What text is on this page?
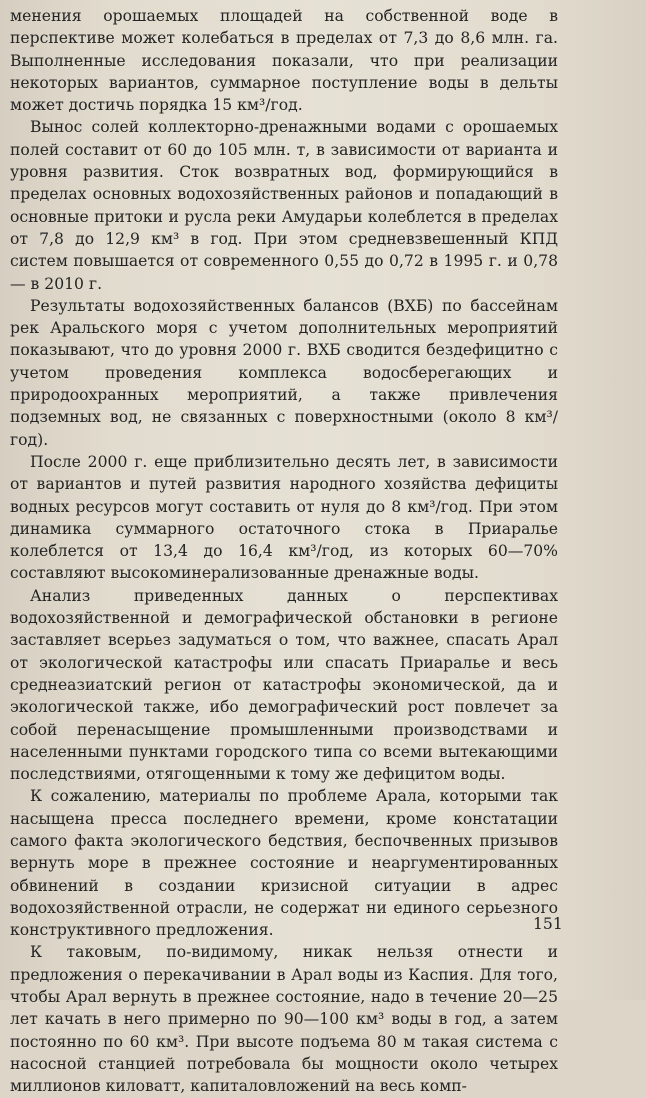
менения орошаемых площадей на собственной воде в перспективе может колебаться в пределах от 7,3 до 8,6 млн. га. Выполненные исследования показали, что при реализации некоторых вариантов, суммарное поступление воды в дельты может достичь порядка 15 км³/год.

Вынос солей коллекторно-дренажными водами с орошаемых полей составит от 60 до 105 млн. т, в зависимости от варианта и уровня развития. Сток возвратных вод, формирующийся в пределах основных водохозяйственных районов и попадающий в основные притоки и русла реки Амударьи колеблется в пределах от 7,8 до 12,9 км³ в год. При этом средневзвешенный КПД систем повышается от современного 0,55 до 0,72 в 1995 г. и 0,78 — в 2010 г.

Результаты водохозяйственных балансов (ВХБ) по бассейнам рек Аральского моря с учетом дополнительных мероприятий показывают, что до уровня 2000 г. ВХБ сводится бездефицитно с учетом проведения комплекса водосберегающих и природоохранных мероприятий, а также привлечения подземных вод, не связанных с поверхностными (около 8 км³/год).

После 2000 г. еще приблизительно десять лет, в зависимости от вариантов и путей развития народного хозяйства дефициты водных ресурсов могут составить от нуля до 8 км³/год. При этом динамика суммарного остаточного стока в Приаралье колеблется от 13,4 до 16,4 км³/год, из которых 60—70% составляют высокоминерализованные дренажные воды.

Анализ приведенных данных о перспективах водохозяйственной и демографической обстановки в регионе заставляет всерьез задуматься о том, что важнее, спасать Арал от экологической катастрофы или спасать Приаралье и весь среднеазиатский регион от катастрофы экономической, да и экологической также, ибо демографический рост повлечет за собой перенасыщение промышленными производствами и населенными пунктами городского типа со всеми вытекающими последствиями, отягощенными к тому же дефицитом воды.

К сожалению, материалы по проблеме Арала, которыми так насыщена пресса последнего времени, кроме констатации самого факта экологического бедствия, беспочвенных призывов вернуть море в прежнее состояние и неаргументированных обвинений в создании кризисной ситуации в адрес водохозяйственной отрасли, не содержат ни единого серьезного конструктивного предложения.

К таковым, по-видимому, никак нельзя отнести и предложения о перекачивании в Арал воды из Каспия. Для того, чтобы Арал вернуть в прежнее состояние, надо в течение 20—25 лет качать в него примерно по 90—100 км³ воды в год, а затем постоянно по 60 км³. При высоте подъема 80 м такая система с насосной станцией потребовала бы мощности около четырех миллионов киловатт, капиталовложений на весь комп-

151
